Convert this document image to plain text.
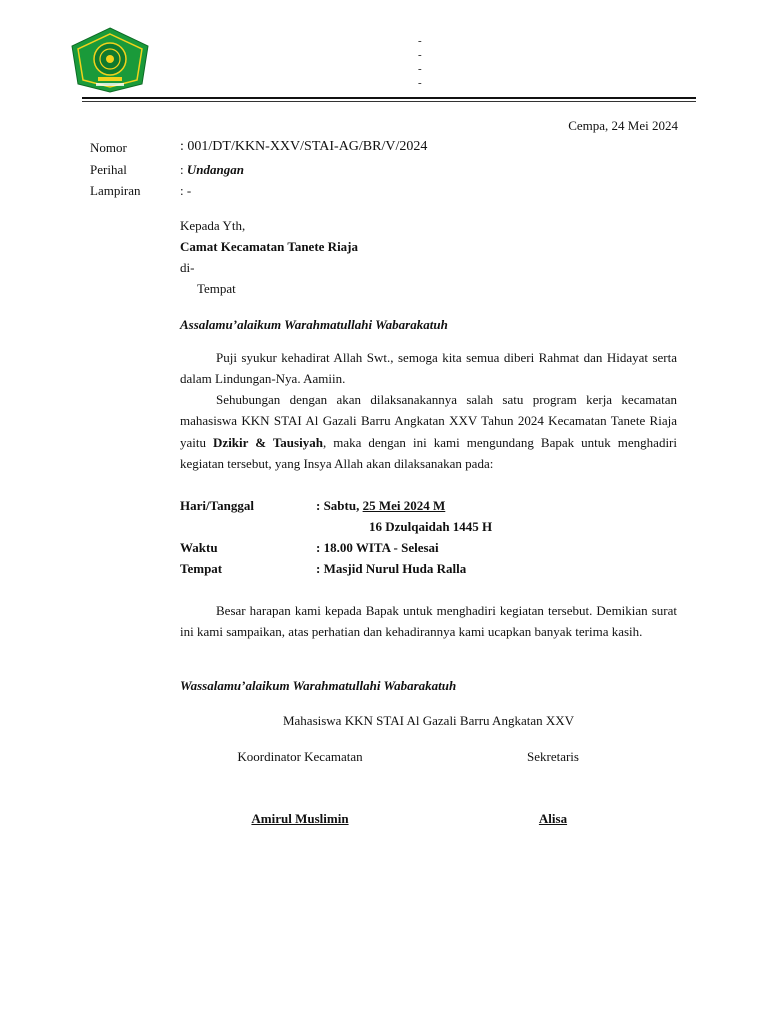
-
-
-
-
Cempa, 24 Mei 2024
Nomor	: 001/DT/KKN-XXV/STAI-AG/BR/V/2024
Perihal	: Undangan
Lampiran	: -
Kepada Yth,
Camat Kecamatan Tanete Riaja
di-
Tempat
Assalamu’alaikum Warahmatullahi Wabarakatuh
Puji syukur kehadirat Allah Swt., semoga kita semua diberi Rahmat dan Hidayat serta dalam Lindungan-Nya. Aamiin.
Sehubungan dengan akan dilaksanakannya salah satu program kerja kecamatan mahasiswa KKN STAI Al Gazali Barru Angkatan XXV Tahun 2024 Kecamatan Tanete Riaja yaitu Dzikir & Tausiyah, maka dengan ini kami mengundang Bapak untuk menghadiri kegiatan tersebut, yang Insya Allah akan dilaksanakan pada:
Hari/Tanggal	: Sabtu, 25 Mei 2024 M
16 Dzulqaidah 1445 H
Waktu	: 18.00 WITA - Selesai
Tempat	: Masjid Nurul Huda Ralla
Besar harapan kami kepada Bapak untuk menghadiri kegiatan tersebut. Demikian surat ini kami sampaikan, atas perhatian dan kehadirannya kami ucapkan banyak terima kasih.
Wassalamu’alaikum Warahmatullahi Wabarakatuh
Mahasiswa KKN STAI Al Gazali Barru Angkatan XXV
Koordinator Kecamatan	Sekretaris
Amirul Muslimin	Alisa
